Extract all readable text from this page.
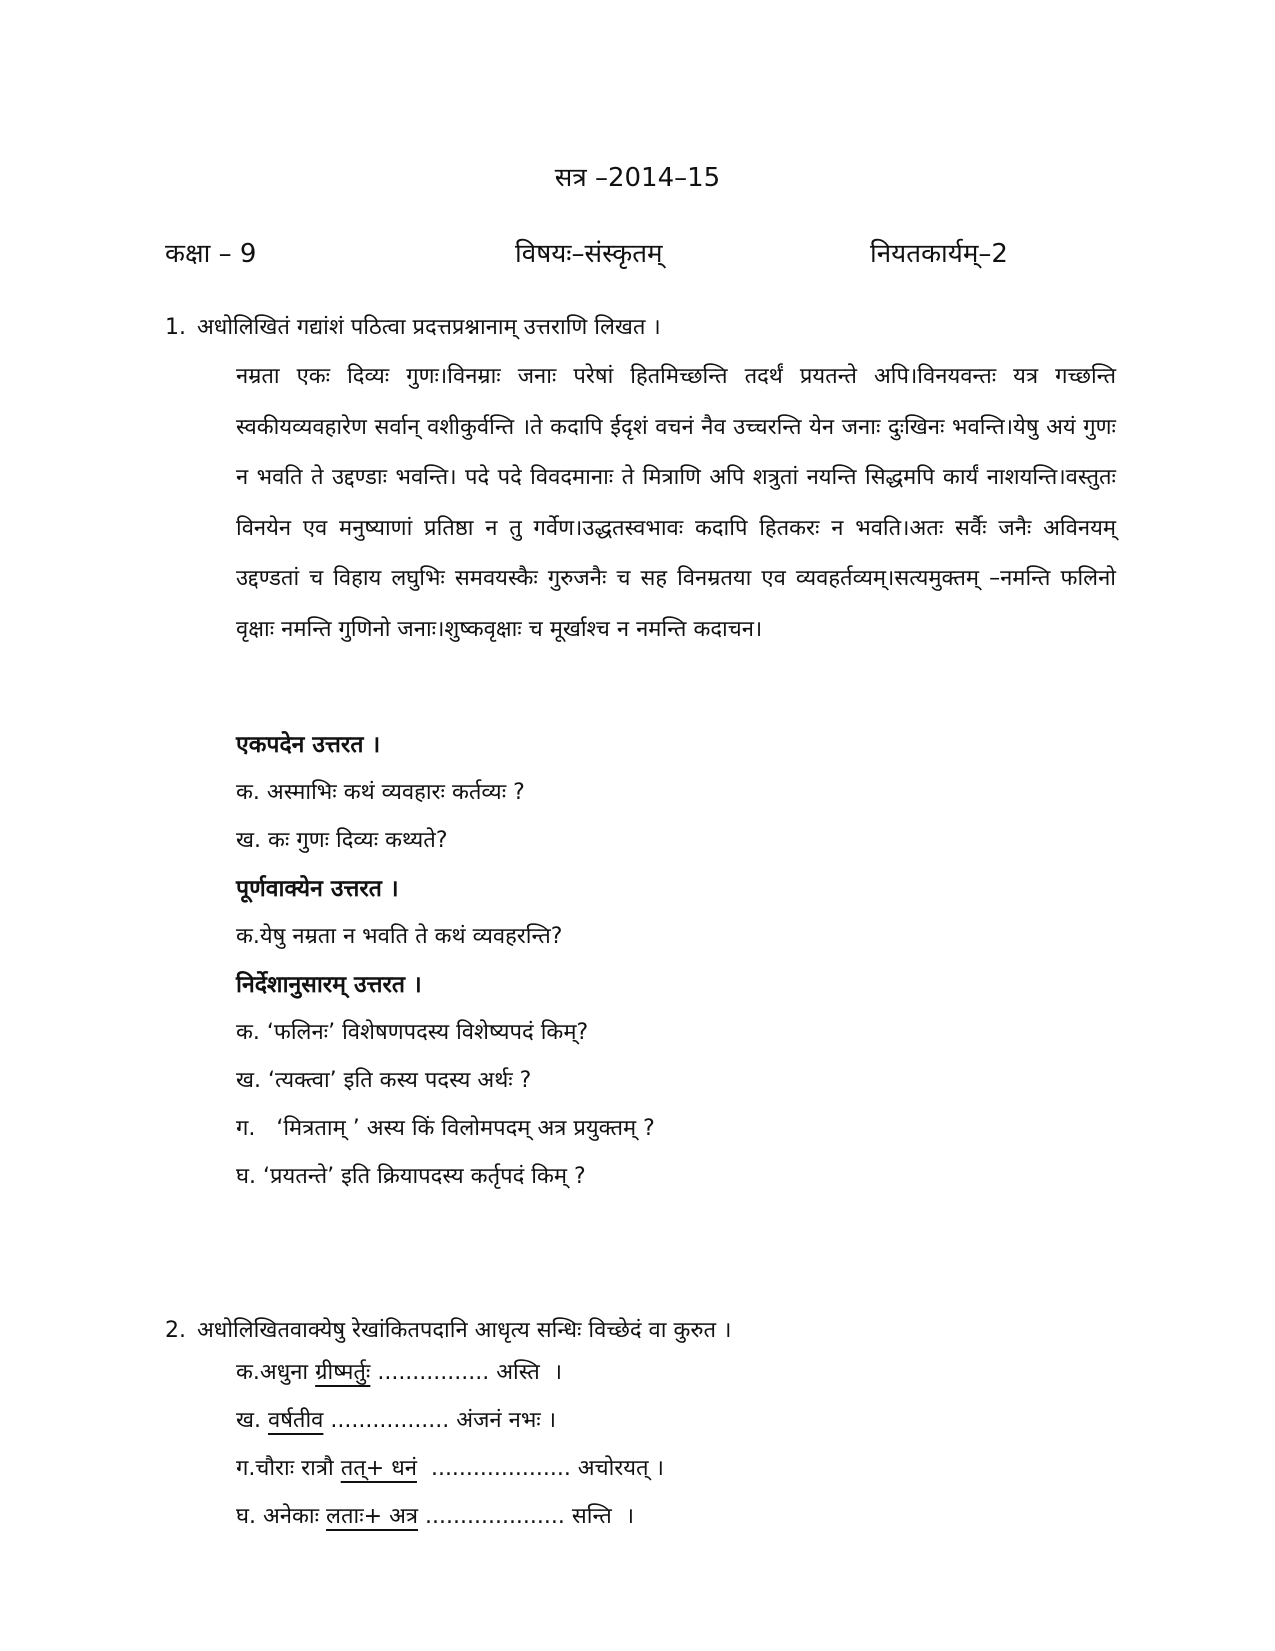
सत्र –2014–15
कक्षा – 9	विषयः–संस्कृतम्	नियतकार्यम्–2
1. अधोलिखितं गद्यांशं पठित्वा प्रदत्तप्रश्नानाम् उत्तराणि लिखत ।
नम्रता एकः दिव्यः गुणः।विनम्राः जनाः परेषां हितमिच्छन्ति तदर्थं प्रयतन्ते अपि।विनयवन्तः यत्र गच्छन्ति स्वकीयव्यवहारेण सर्वान् वशीकुर्वन्ति ।ते कदापि ईदृशं वचनं नैव उच्चरन्ति येन जनाः दुःखिनः भवन्ति।येषु अयं गुणः न भवति ते उद्दण्डाः भवन्ति। पदे पदे विवदमानाः ते मित्राणि अपि शत्रुतां नयन्ति सिद्धमपि कार्यं नाशयन्ति।वस्तुतः विनयेन एव मनुष्याणां प्रतिष्ठा न तु गर्वेण।उद्धतस्वभावः कदापि हितकरः न भवति।अतः सर्वैः जनैः अविनयम् उद्दण्डतां च विहाय लघुभिः समवयस्कैः गुरुजनैः च सह विनम्रतया एव व्यवहर्तव्यम्।सत्यमुक्तम् –नमन्ति फलिनो वृक्षाः नमन्ति गुणिनो जनाः।शुष्कवृक्षाः च मूर्खाश्च न नमन्ति कदाचन।
एकपदेन उत्तरत ।
क. अस्माभिः कथं व्यवहारः कर्तव्यः ?
ख. कः गुणः दिव्यः कथ्यते?
पूर्णवाक्येन उत्तरत ।
क.येषु नम्रता न भवति ते कथं व्यवहरन्ति?
निर्देशानुसारम् उत्तरत ।
क. ‘फलिनः’ विशेषणपदस्य विशेष्यपदं किम्?
ख. ‘त्यक्त्वा’ इति कस्य पदस्य अर्थः ?
ग.   ‘मित्रताम् ’ अस्य किं विलोमपदम् अत्र प्रयुक्तम् ?
घ. ‘प्रयतन्ते’ इति क्रियापदस्य कर्तृपदं किम् ?
2. अधोलिखितवाक्येषु रेखांकितपदानि आधृत्य सन्धिः विच्छेदं वा कुरुत ।
क.अधुना ग्रीष्मर्तुः ................ अस्ति  ।
ख. वर्षतीव ................. अंजनं नभः ।
ग.चौराः रात्रौ तत्+ धनं  .................... अचोरयत् ।
घ. अनेकाः लताः+ अत्र .................... सन्ति  ।
